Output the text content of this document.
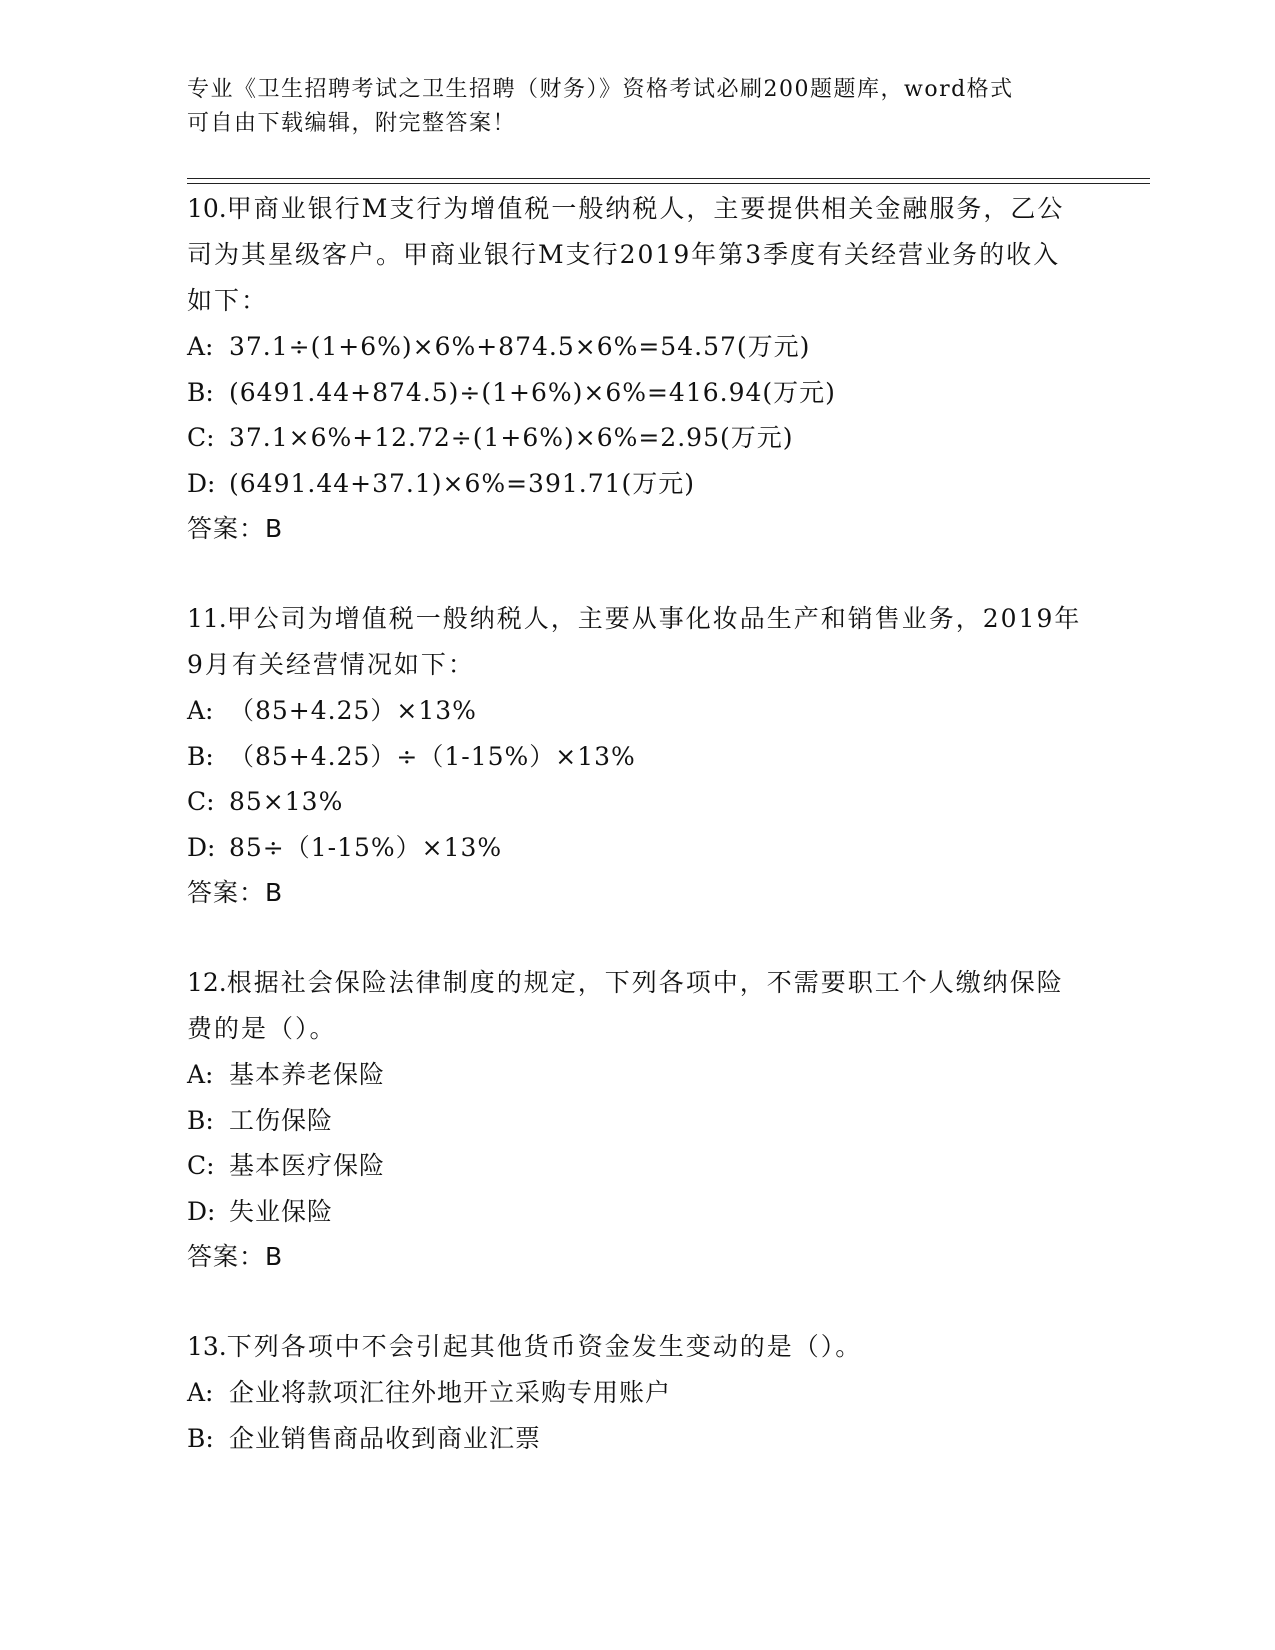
专业《卫生招聘考试之卫生招聘（财务）》资格考试必刷200题题库，word格式
可自由下载编辑，附完整答案！
10.甲商业银行M支行为增值税一般纳税人，主要提供相关金融服务，乙公司为其星级客户。甲商业银行M支行2019年第3季度有关经营业务的收入如下：
A: 37.1÷(1+6%)×6%+874.5×6%=54.57(万元)
B: (6491.44+874.5)÷(1+6%)×6%=416.94(万元)
C: 37.1×6%+12.72÷(1+6%)×6%=2.95(万元)
D: (6491.44+37.1)×6%=391.71(万元)
答案：B
11.甲公司为增值税一般纳税人，主要从事化妆品生产和销售业务，2019年9月有关经营情况如下：
A: （85+4.25）×13%
B: （85+4.25）÷（1-15%）×13%
C: 85×13%
D: 85÷（1-15%）×13%
答案：B
12.根据社会保险法律制度的规定，下列各项中，不需要职工个人缴纳保险费的是（）。
A: 基本养老保险
B: 工伤保险
C: 基本医疗保险
D: 失业保险
答案：B
13.下列各项中不会引起其他货币资金发生变动的是（）。
A: 企业将款项汇往外地开立采购专用账户
B: 企业销售商品收到商业汇票
